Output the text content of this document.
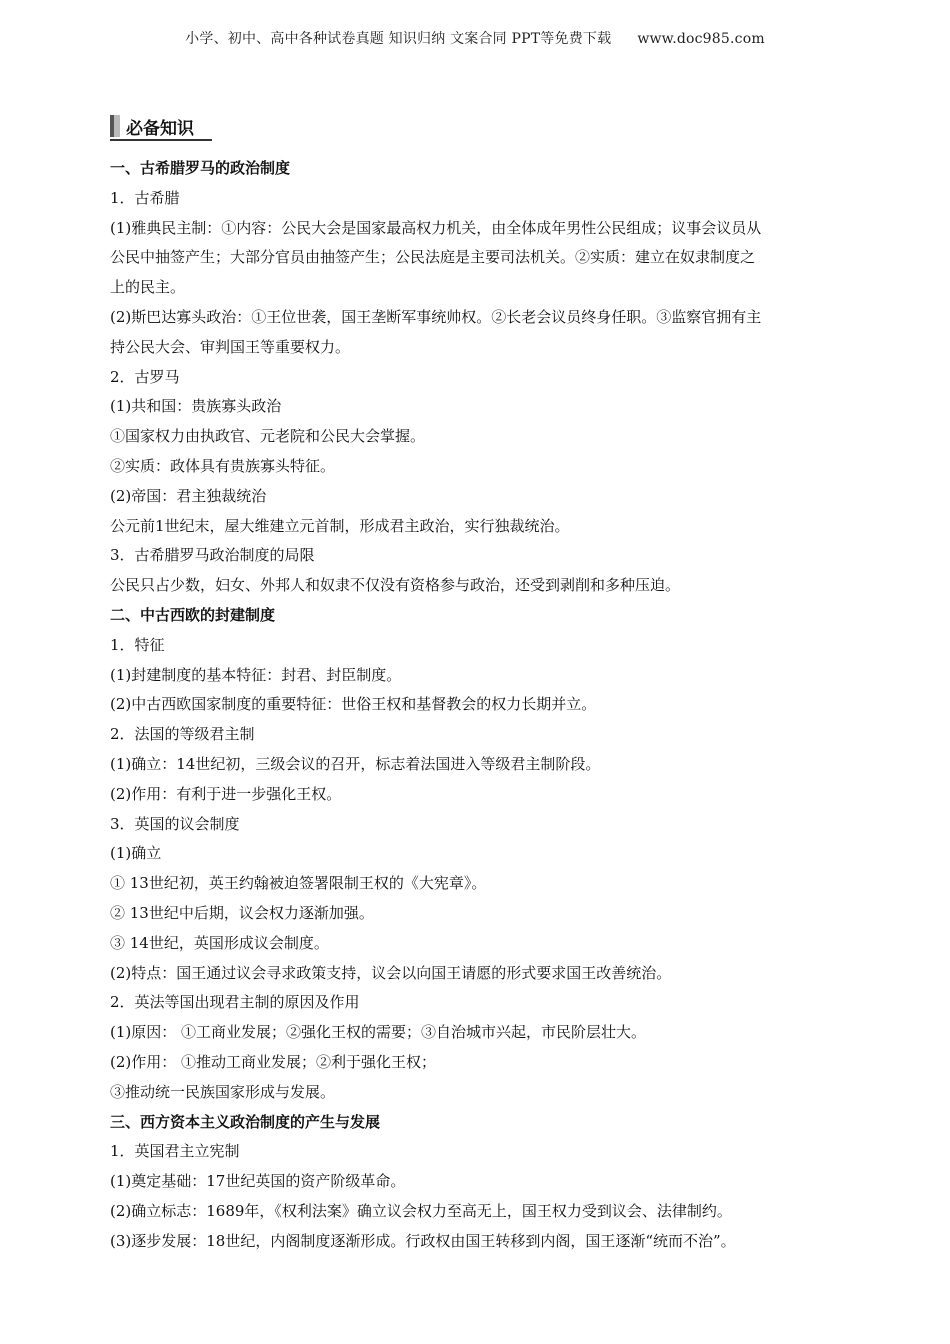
小学、初中、高中各种试卷真题 知识归纳 文案合同 PPT等免费下载 www.doc985.com
必备知识
一、古希腊罗马的政治制度
1．古希腊
(1)雅典民主制：①内容：公民大会是国家最高权力机关，由全体成年男性公民组成；议事会议员从
公民中抽签产生；大部分官员由抽签产生；公民法庭是主要司法机关。②实质：建立在奴隶制度之
上的民主。
(2)斯巴达寡头政治：①王位世袭，国王垄断军事统帅权。②长老会议员终身任职。③监察官拥有主
持公民大会、审判国王等重要权力。
2．古罗马
(1)共和国：贵族寡头政治
①国家权力由执政官、元老院和公民大会掌握。
②实质：政体具有贵族寡头特征。
(2)帝国：君主独裁统治
公元前1世纪末，屋大维建立元首制，形成君主政治，实行独裁统治。
3．古希腊罗马政治制度的局限
公民只占少数，妇女、外邦人和奴隶不仅没有资格参与政治，还受到剥削和多种压迫。
二、中古西欧的封建制度
1．特征
(1)封建制度的基本特征：封君、封臣制度。
(2)中古西欧国家制度的重要特征：世俗王权和基督教会的权力长期并立。
2．法国的等级君主制
(1)确立：14世纪初，三级会议的召开，标志着法国进入等级君主制阶段。
(2)作用：有利于进一步强化王权。
3．英国的议会制度
(1)确立
① 13世纪初，英王约翰被迫签署限制王权的《大宪章》。
② 13世纪中后期，议会权力逐渐加强。
③ 14世纪，英国形成议会制度。
(2)特点：国王通过议会寻求政策支持，议会以向国王请愿的形式要求国王改善统治。
2．英法等国出现君主制的原因及作用
(1)原因： ①工商业发展；②强化王权的需要；③自治城市兴起，市民阶层壮大。
(2)作用： ①推动工商业发展；②利于强化王权；
③推动统一民族国家形成与发展。
三、西方资本主义政治制度的产生与发展
1．英国君主立宪制
(1)奠定基础：17世纪英国的资产阶级革命。
(2)确立标志：1689年，《权利法案》确立议会权力至高无上，国王权力受到议会、法律制约。
(3)逐步发展：18世纪，内阁制度逐渐形成。行政权由国王转移到内阁，国王逐渐“统而不治”。
